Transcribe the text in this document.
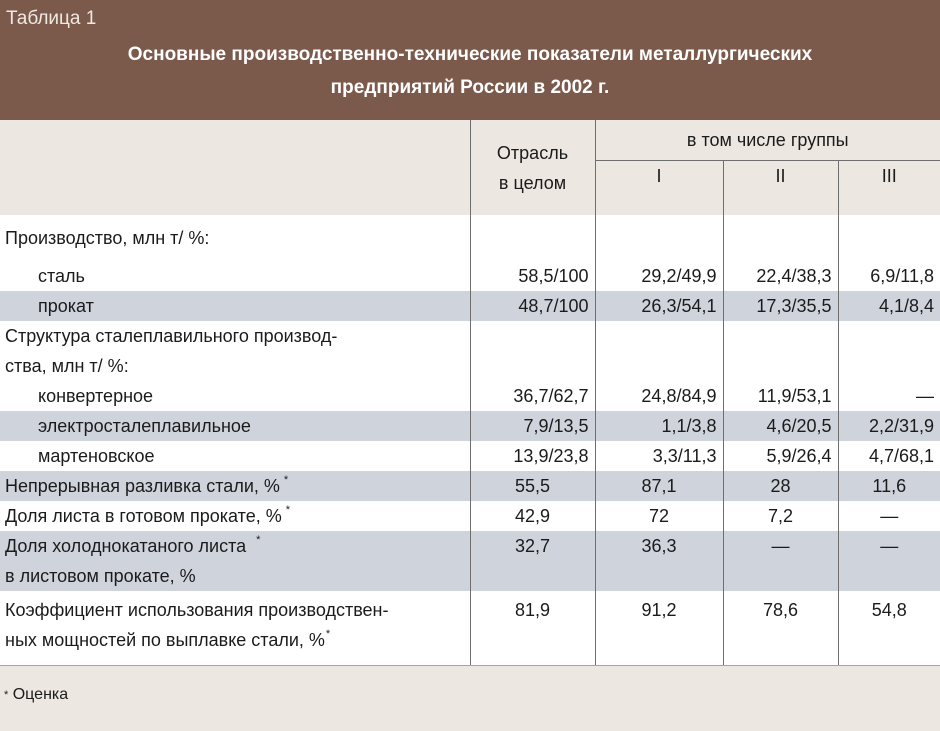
Таблица 1
Основные производственно-технические показатели металлургических
предприятий России в 2002 г.

	Отрасль
в целом	в том числе группы		
		I	II	III
Производство, млн т/ %:				
сталь	58,5/100	29,2/49,9	22,4/38,3	6,9/11,8
прокат	48,7/100	26,3/54,1	17,3/35,5	4,1/8,4
Структура сталеплавильного производ-				
ства, млн т/ %:				
конвертерное	36,7/62,7	24,8/84,9	11,9/53,1	—
электросталеплавильное	7,9/13,5	1,1/3,8	4,6/20,5	2,2/31,9
мартеновское	13,9/23,8	3,3/11,3	5,9/26,4	4,7/68,1
Непрерывная разливка стали, % *	55,5	87,1	28	11,6
Доля листа в готовом прокате, % *	42,9	72	7,2	—

Доля холоднокатаного листа *
в листовом прокате, %	32,7	36,3	—	—

Коэффициент использования производствен-
ных мощностей по выплавке стали, %*	81,9	91,2	78,6	54,8
* Оценка
